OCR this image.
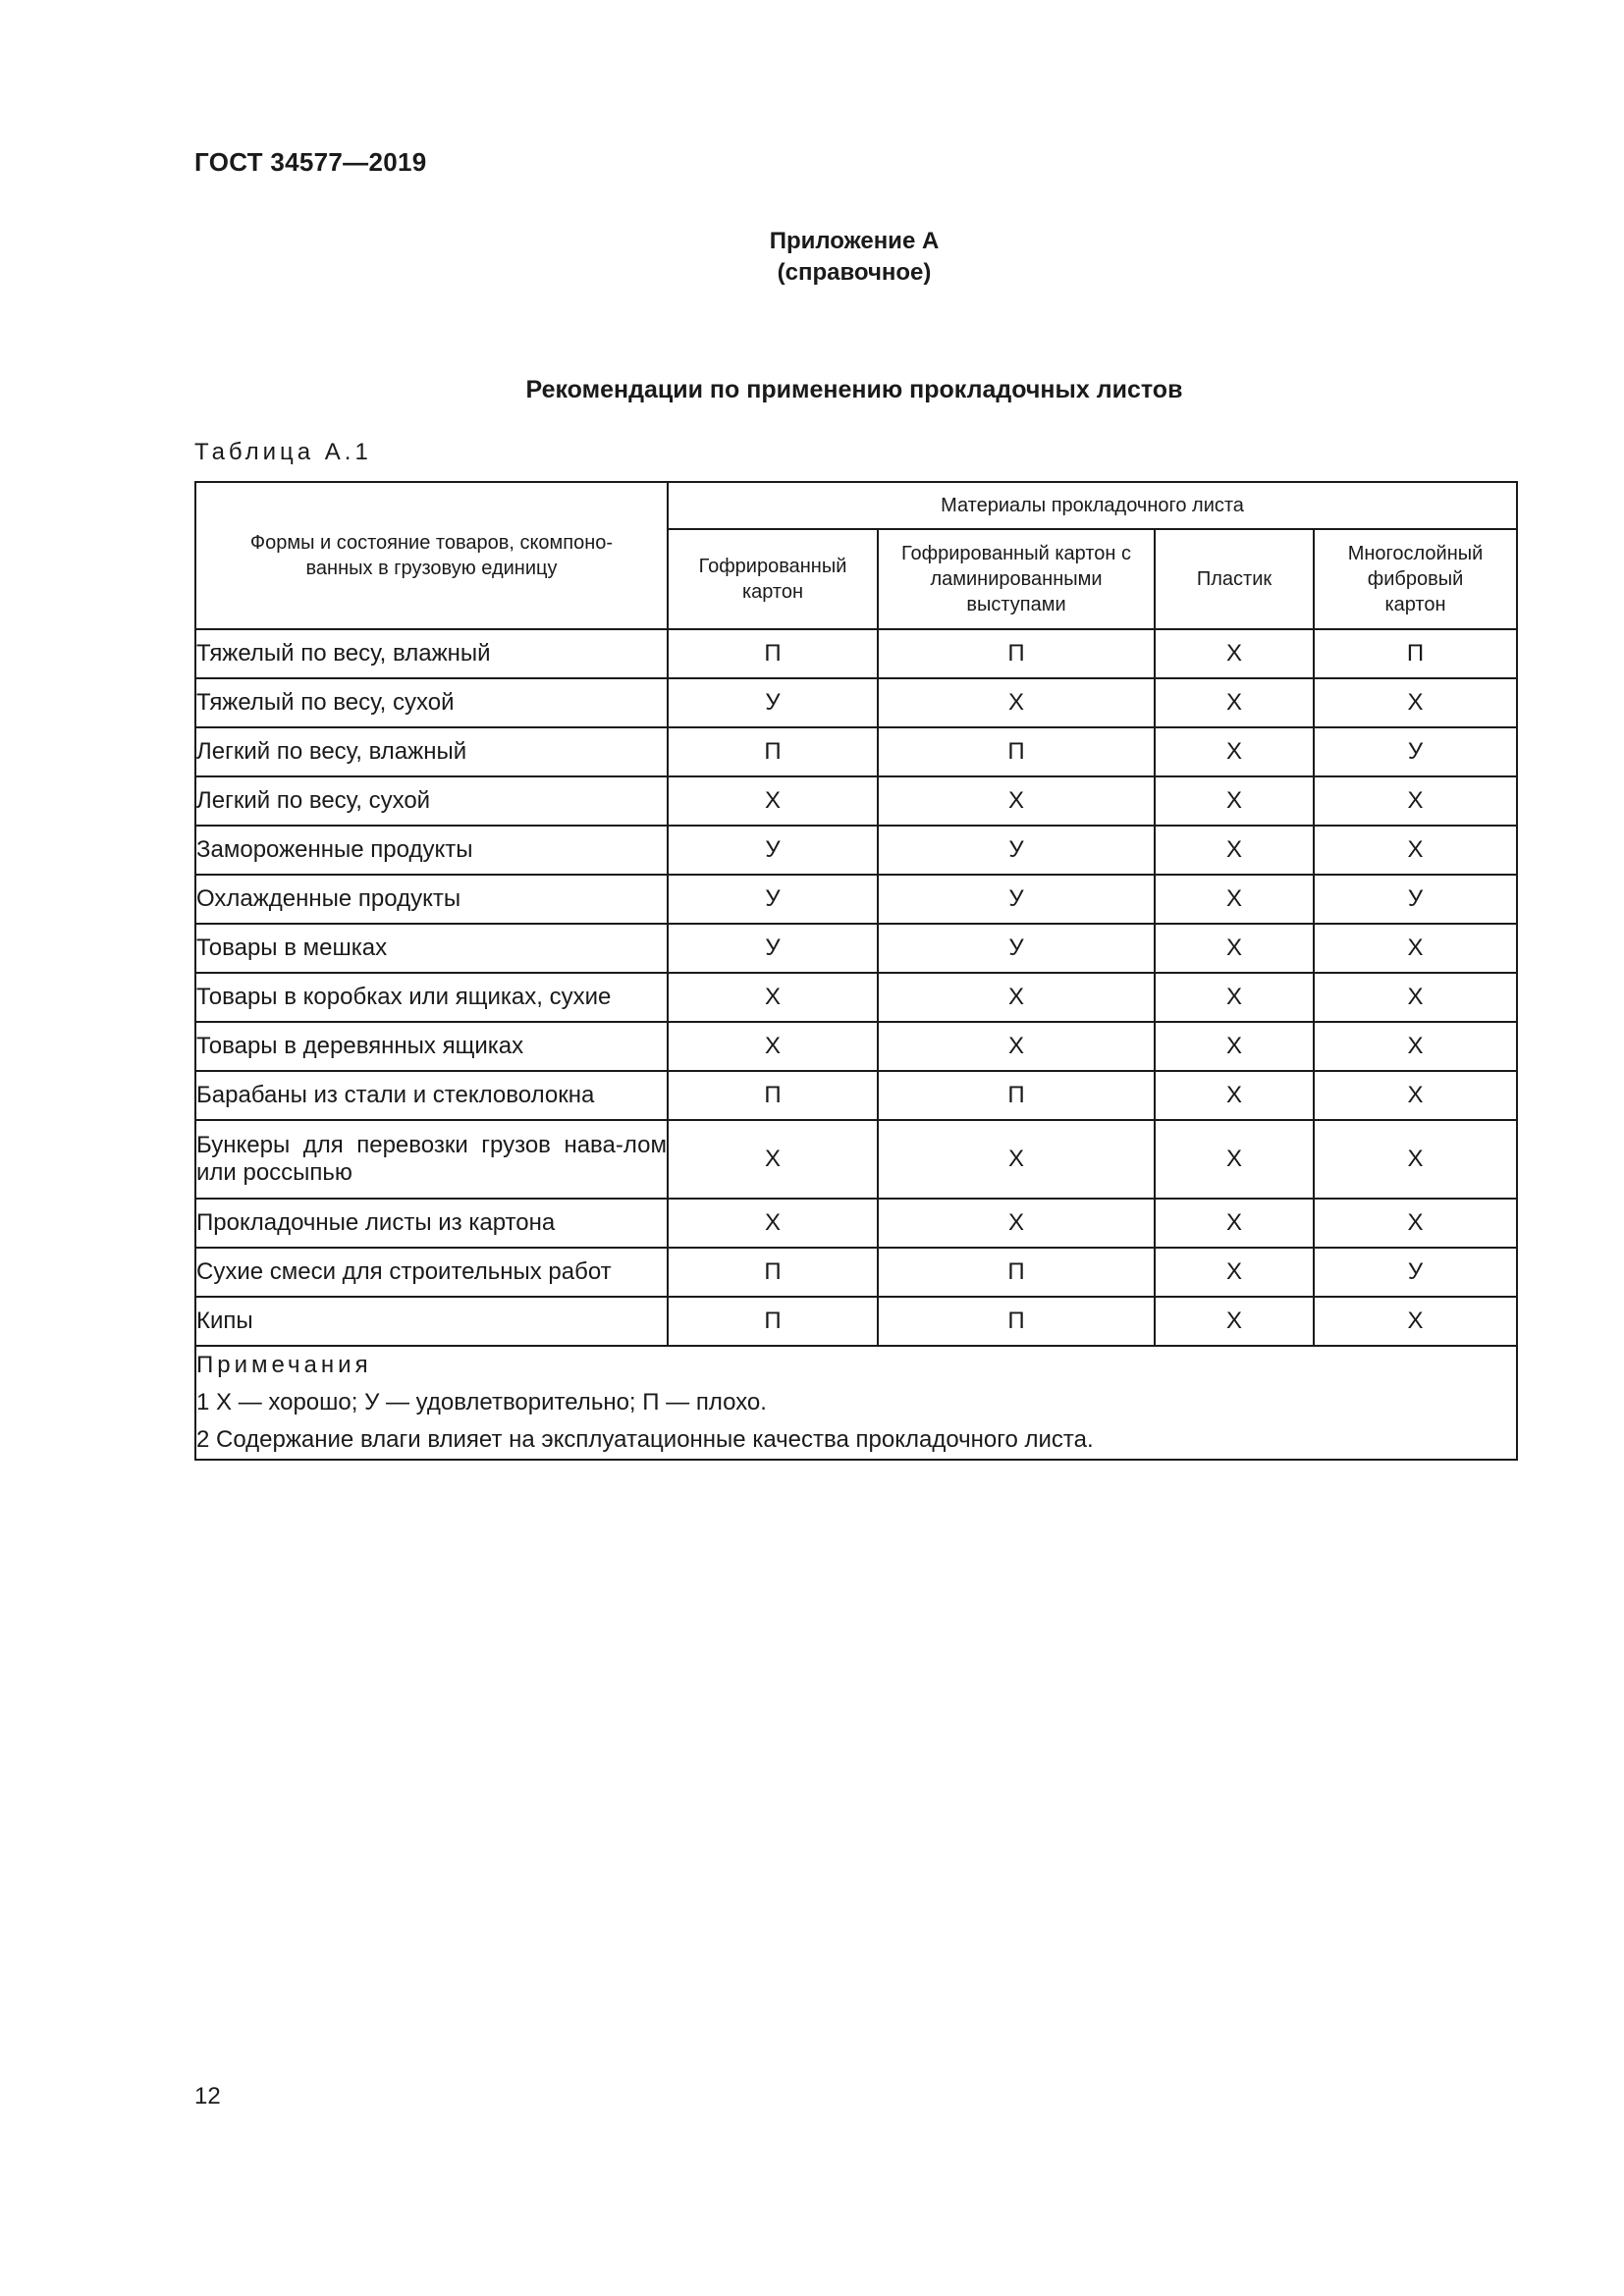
ГОСТ 34577—2019
Приложение А
(справочное)
Рекомендации по применению прокладочных листов
Таблица А.1
Формы и состояние товаров, скомпоно-ванных в грузовую единицу	Материалы прокладочного листа			
	Гофрированный картон	Гофрированный картон с ламинированными выступами	Пластик	Многослойный фибровый картон
Тяжелый по весу, влажный	П	П	Х	П
Тяжелый по весу, сухой	У	Х	Х	Х
Легкий по весу, влажный	П	П	Х	У
Легкий по весу, сухой	Х	Х	Х	Х
Замороженные продукты	У	У	Х	Х
Охлажденные продукты	У	У	Х	У
Товары в мешках	У	У	Х	Х
Товары в коробках или ящиках, сухие	Х	Х	Х	Х
Товары в деревянных ящиках	Х	Х	Х	Х
Барабаны из стали и стекловолокна	П	П	Х	Х
Бункеры для перевозки грузов нава-лом или россыпью	Х	Х	Х	Х
Прокладочные листы из картона	Х	Х	Х	Х
Сухие смеси для строительных работ	П	П	Х	У
Кипы	П	П	Х	Х

Примечания
1 Х — хорошо; У — удовлетворительно; П — плохо.
2 Содержание влаги влияет на эксплуатационные качества прокладочного листа.				
12
